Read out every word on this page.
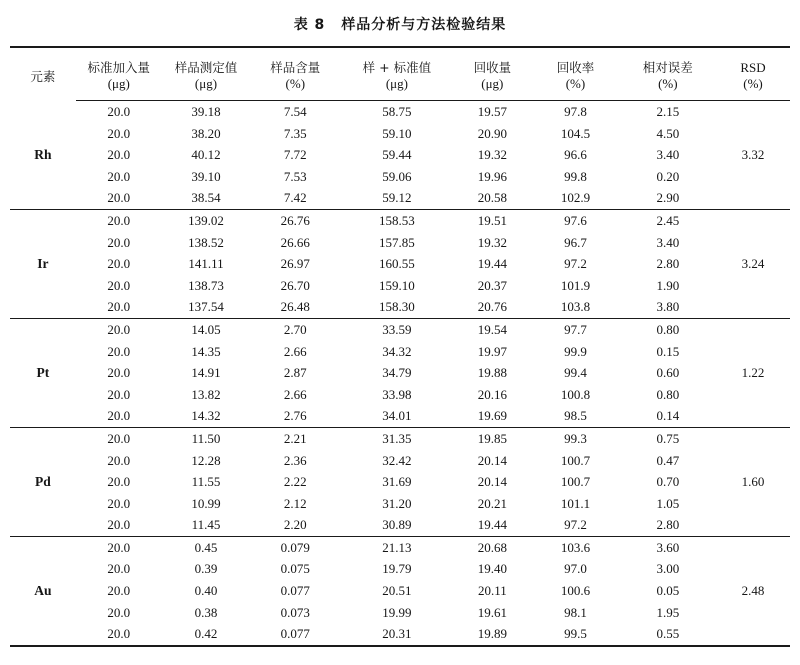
表 8 样品分析与方法检验结果
元素	标准加入量	样品测定值	样品含量	样 + 标准值	回收量	回收率	相对误差	RSD
	(μg)	(μg)	(%)	(μg)	(μg)	(%)	(%)	(%)
Rh	20.0	39.18	7.54	58.75	19.57	97.8	2.15	3.32
	20.0	38.20	7.35	59.10	20.90	104.5	4.50	
	20.0	40.12	7.72	59.44	19.32	96.6	3.40	
	20.0	39.10	7.53	59.06	19.96	99.8	0.20	
	20.0	38.54	7.42	59.12	20.58	102.9	2.90	
Ir	20.0	139.02	26.76	158.53	19.51	97.6	2.45	3.24
	20.0	138.52	26.66	157.85	19.32	96.7	3.40	
	20.0	141.11	26.97	160.55	19.44	97.2	2.80	
	20.0	138.73	26.70	159.10	20.37	101.9	1.90	
	20.0	137.54	26.48	158.30	20.76	103.8	3.80	
Pt	20.0	14.05	2.70	33.59	19.54	97.7	0.80	1.22
	20.0	14.35	2.66	34.32	19.97	99.9	0.15	
	20.0	14.91	2.87	34.79	19.88	99.4	0.60	
	20.0	13.82	2.66	33.98	20.16	100.8	0.80	
	20.0	14.32	2.76	34.01	19.69	98.5	0.14	
Pd	20.0	11.50	2.21	31.35	19.85	99.3	0.75	1.60
	20.0	12.28	2.36	32.42	20.14	100.7	0.47	
	20.0	11.55	2.22	31.69	20.14	100.7	0.70	
	20.0	10.99	2.12	31.20	20.21	101.1	1.05	
	20.0	11.45	2.20	30.89	19.44	97.2	2.80	
Au	20.0	0.45	0.079	21.13	20.68	103.6	3.60	2.48
	20.0	0.39	0.075	19.79	19.40	97.0	3.00	
	20.0	0.40	0.077	20.51	20.11	100.6	0.05	
	20.0	0.38	0.073	19.99	19.61	98.1	1.95	
	20.0	0.42	0.077	20.31	19.89	99.5	0.55	
